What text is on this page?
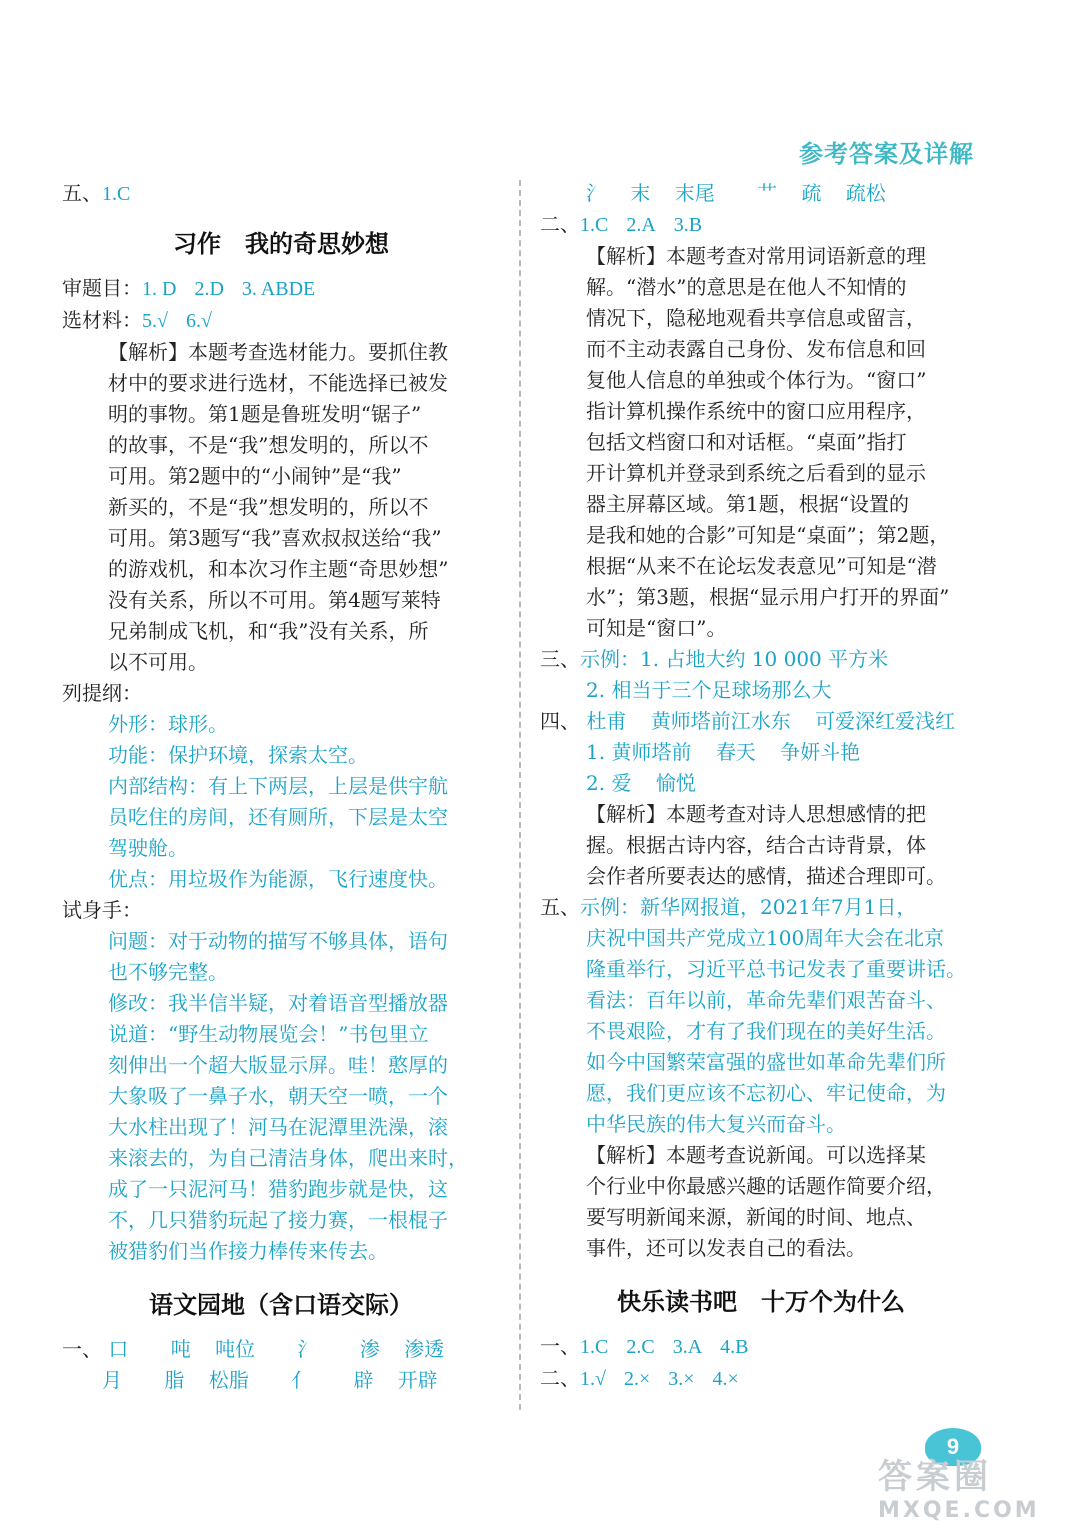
参考答案及详解
五、1.C
习作　我的奇思妙想
审题目：1. D 2.D 3. ABDE
选材料：5.√ 6.√
【解析】本题考查选材能力。要抓住教
材中的要求进行选材，不能选择已被发
明的事物。第1题是鲁班发明“锯子”
的故事，不是“我”想发明的，所以不
可用。第2题中的“小闹钟”是“我”
新买的，不是“我”想发明的，所以不
可用。第3题写“我”喜欢叔叔送给“我”
的游戏机，和本次习作主题“奇思妙想”
没有关系，所以不可用。第4题写莱特
兄弟制成飞机，和“我”没有关系，所
以不可用。
列提纲：
外形：球形。
功能：保护环境，探索太空。
内部结构：有上下两层，上层是供宇航
员吃住的房间，还有厕所，下层是太空
驾驶舱。
优点：用垃圾作为能源，飞行速度快。
试身手：
问题：对于动物的描写不够具体，语句
也不够完整。
修改：我半信半疑，对着语音型播放器
说道：“野生动物展览会！”书包里立
刻伸出一个超大版显示屏。哇！憨厚的
大象吸了一鼻子水，朝天空一喷，一个
大水柱出现了！河马在泥潭里洗澡，滚
来滚去的，为自己清洁身体，爬出来时，
成了一只泥河马！猎豹跑步就是快，这
不，几只猎豹玩起了接力赛，一根棍子
被猎豹们当作接力棒传来传去。
语文园地（含口语交际）
一、 口 吨 吨位 氵 渗 渗透
月 脂 松脂 亻 辟 开辟
氵 末 末尾 艹 疏 疏松
二、1.C 2.A 3.B
【解析】本题考查对常用词语新意的理
解。“潜水”的意思是在他人不知情的
情况下，隐秘地观看共享信息或留言，
而不主动表露自己身份、发布信息和回
复他人信息的单独或个体行为。“窗口”
指计算机操作系统中的窗口应用程序，
包括文档窗口和对话框。“桌面”指打
开计算机并登录到系统之后看到的显示
器主屏幕区域。第1题，根据“设置的
是我和她的合影”可知是“桌面”；第2题，
根据“从来不在论坛发表意见”可知是“潜
水”；第3题，根据“显示用户打开的界面”
可知是“窗口”。
三、示例：1. 占地大约 10 000 平方米
2. 相当于三个足球场那么大
四、 杜甫 黄师塔前江水东 可爱深红爱浅红
1. 黄师塔前 春天 争妍斗艳
2. 爱 愉悦
【解析】本题考查对诗人思想感情的把
握。根据古诗内容，结合古诗背景，体
会作者所要表达的感情，描述合理即可。
五、示例：新华网报道，2021年7月1日，
庆祝中国共产党成立100周年大会在北京
隆重举行，习近平总书记发表了重要讲话。
看法：百年以前，革命先辈们艰苦奋斗、
不畏艰险，才有了我们现在的美好生活。
如今中国繁荣富强的盛世如革命先辈们所
愿，我们更应该不忘初心、牢记使命，为
中华民族的伟大复兴而奋斗。
【解析】本题考查说新闻。可以选择某
个行业中你最感兴趣的话题作简要介绍，
要写明新闻来源，新闻的时间、地点、
事件，还可以发表自己的看法。
快乐读书吧　十万个为什么
一、1.C 2.C 3.A 4.B
二、1.√ 2.× 3.× 4.×
9
答案圈
MXQE.COM
